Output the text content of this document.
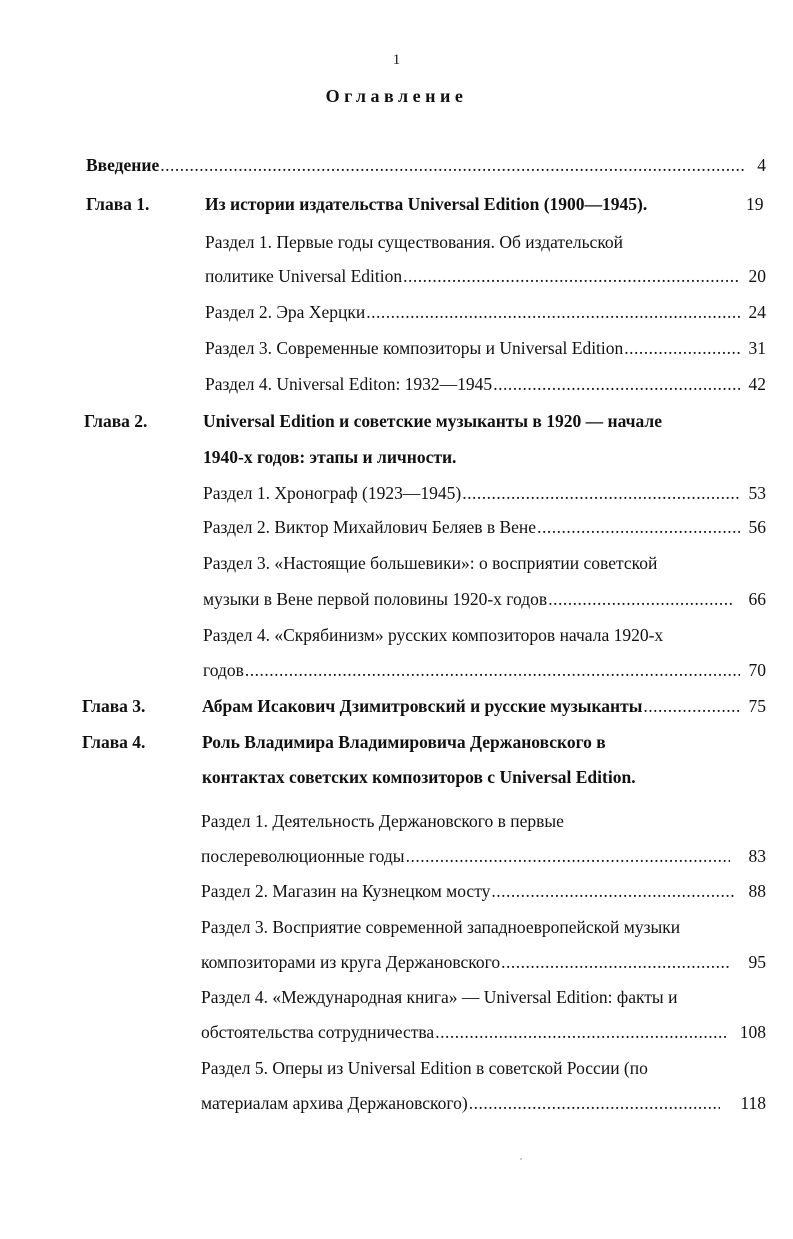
1
Оглавление
Введение .....	4
Глава 1.	Из истории издательства Universal Edition (1900—1945).	19
Раздел 1. Первые годы существования. Об издательской
политике Universal Edition .....	20
Раздел 2. Эра Херцки .....	24
Раздел 3. Современные композиторы и Universal Edition .....	31
Раздел 4. Universal Editon: 1932—1945 .....	42
Глава 2.	Universal Edition и советские музыканты в 1920 — начале
1940-х годов: этапы и личности.
Раздел 1. Хронограф (1923—1945) .....	53
Раздел 2. Виктор Михайлович Беляев в Вене .....	56
Раздел 3. «Настоящие большевики»: о восприятии советской
музыки в Вене первой половины 1920-х годов .....	66
Раздел 4. «Скрябинизм» русских композиторов начала 1920-х
годов .....	70
Глава 3.	Абрам Исакович Дзимитровский и русские музыканты .....	75
Глава 4.	Роль Владимира Владимировича Держановского в
контактах советских композиторов с Universal Edition.
Раздел 1. Деятельность Держановского в первые
послереволюционные годы .....	83
Раздел 2. Магазин на Кузнецком мосту .....	88
Раздел 3. Восприятие современной западноевропейской музыки
композиторами из круга Держановского .....	95
Раздел 4. «Международная книга» — Universal Edition: факты и
обстоятельства сотрудничества .....	108
Раздел 5. Оперы из Universal Edition в советской России (по
материалам архива Держановского) .....	118
